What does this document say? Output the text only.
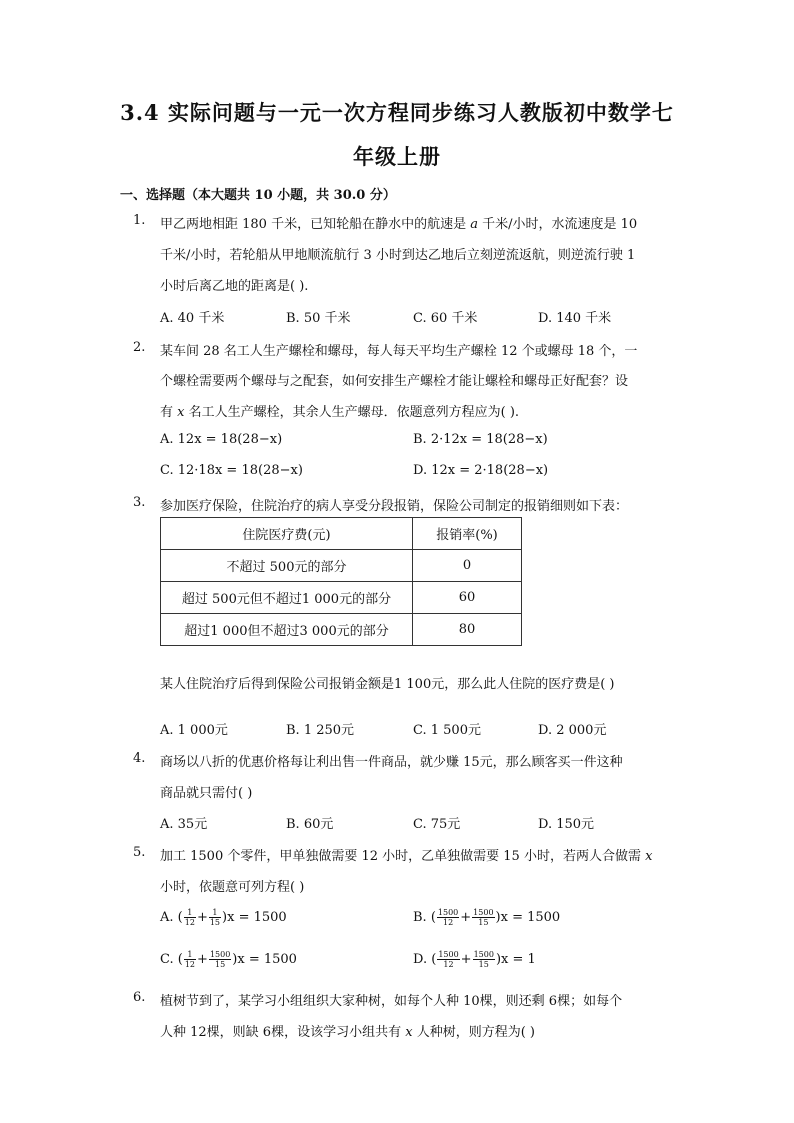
3.4 实际问题与一元一次方程同步练习人教版初中数学七
年级上册
一、选择题（本大题共 10 小题，共 30.0 分）
1.	甲乙两地相距 180 千米，已知轮船在静水中的航速是 a 千米/小时，水流速度是 10
千米/小时，若轮船从甲地顺流航行 3 小时到达乙地后立刻逆流返航，则逆流行驶 1
小时后离乙地的距离是( ).
A. 40 千米	B. 50 千米	C. 60 千米	D. 140 千米
2.	某车间 28 名工人生产螺栓和螺母，每人每天平均生产螺栓 12 个或螺母 18 个，一
个螺栓需要两个螺母与之配套，如何安排生产螺栓才能让螺栓和螺母正好配套？设
有 x 名工人生产螺栓，其余人生产螺母．依题意列方程应为( ).
A. 12x = 18(28−x)	B. 2·12x = 18(28−x)
C. 12·18x = 18(28−x)	D. 12x = 2·18(28−x)
3.	参加医疗保险，住院治疗的病人享受分段报销，保险公司制定的报销细则如下表：
住院医疗费(元)	报销率(%)
不超过 500元的部分	0
超过 500元但不超过1 000元的部分	60
超过1 000但不超过3 000元的部分	80
某人住院治疗后得到保险公司报销金额是1 100元，那么此人住院的医疗费是( )
A. 1 000元	B. 1 250元	C. 1 500元	D. 2 000元
4.	商场以八折的优惠价格每让利出售一件商品，就少赚 15元，那么顾客买一件这种
商品就只需付( )
A. 35元	B. 60元	C. 75元	D. 150元
5.	加工 1500 个零件，甲单独做需要 12 小时，乙单独做需要 15 小时，若两人合做需 x
小时，依题意可列方程( )
A. ( $\frac{1}{12} + \frac{1}{15} )x = 1500$	B. ( $\frac{1500}{12} + \frac{1500}{15} )x = 1500$
C. ( $\frac{1}{12} + \frac{1500}{15} )x = 1500$	D. ( $\frac{1500}{12} + \frac{1500}{15} )x = 1$
6.	植树节到了，某学习小组组织大家种树，如每个人种 10棵，则还剩 6棵；如每个
人种 12棵，则缺 6棵，设该学习小组共有 x 人种树，则方程为( )
